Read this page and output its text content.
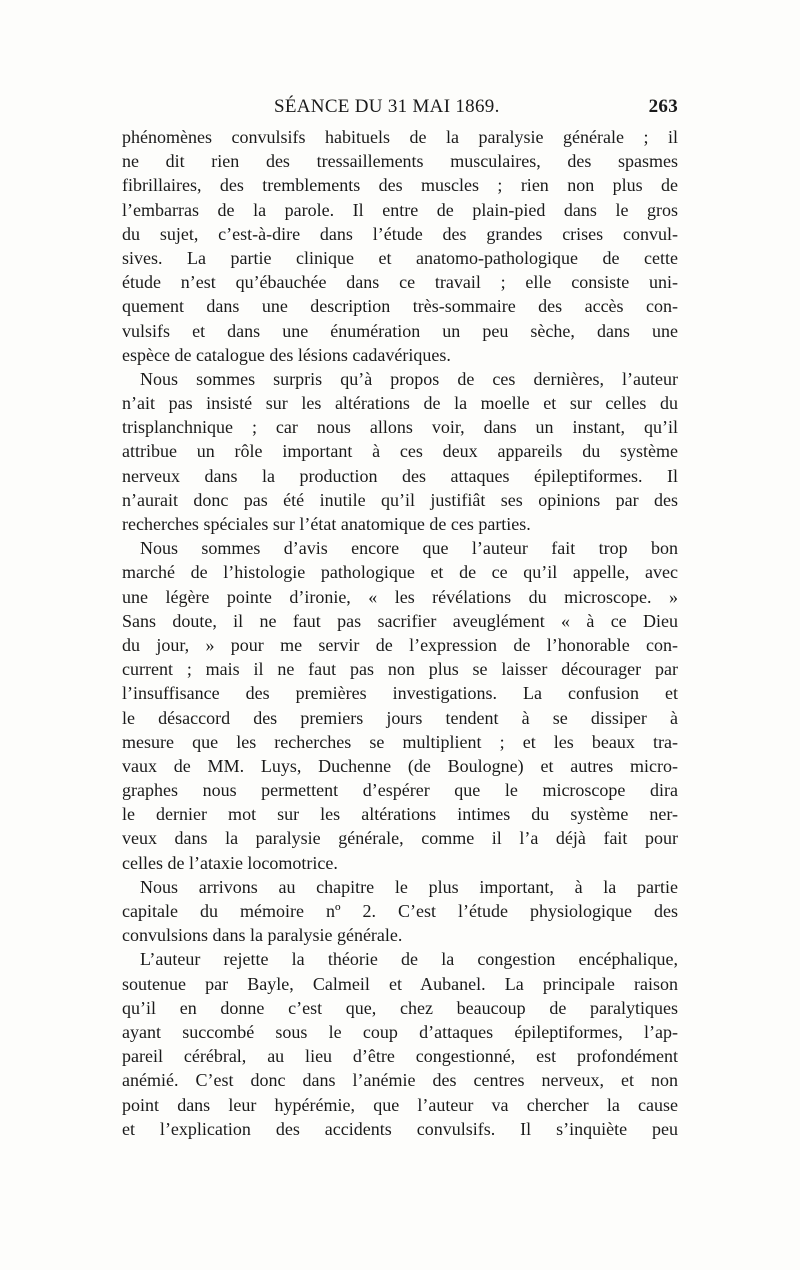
SÉANCE DU 31 MAI 1869.	263

phénomènes convulsifs habituels de la paralysie générale ; il
ne dit rien des tressaillements musculaires, des spasmes
fibrillaires, des tremblements des muscles ; rien non plus de
l’embarras de la parole. Il entre de plain-pied dans le gros
du sujet, c’est-à-dire dans l’étude des grandes crises convul-
sives. La partie clinique et anatomo-pathologique de cette
étude n’est qu’ébauchée dans ce travail ; elle consiste uni-
quement dans une description très-sommaire des accès con-
vulsifs et dans une énumération un peu sèche, dans une
espèce de catalogue des lésions cadavériques.

Nous sommes surpris qu’à propos de ces dernières, l’auteur
n’ait pas insisté sur les altérations de la moelle et sur celles du
trisplanchnique ; car nous allons voir, dans un instant, qu’il
attribue un rôle important à ces deux appareils du système
nerveux dans la production des attaques épileptiformes. Il
n’aurait donc pas été inutile qu’il justifiât ses opinions par des
recherches spéciales sur l’état anatomique de ces parties.

Nous sommes d’avis encore que l’auteur fait trop bon
marché de l’histologie pathologique et de ce qu’il appelle, avec
une légère pointe d’ironie, « les révélations du microscope. »
Sans doute, il ne faut pas sacrifier aveuglément « à ce Dieu
du jour, » pour me servir de l’expression de l’honorable con-
current ; mais il ne faut pas non plus se laisser décourager par
l’insuffisance des premières investigations. La confusion et
le désaccord des premiers jours tendent à se dissiper à
mesure que les recherches se multiplient ; et les beaux tra-
vaux de MM. Luys, Duchenne (de Boulogne) et autres micro-
graphes nous permettent d’espérer que le microscope dira
le dernier mot sur les altérations intimes du système ner-
veux dans la paralysie générale, comme il l’a déjà fait pour
celles de l’ataxie locomotrice.

Nous arrivons au chapitre le plus important, à la partie
capitale du mémoire nº 2. C’est l’étude physiologique des
convulsions dans la paralysie générale.

L’auteur rejette la théorie de la congestion encéphalique,
soutenue par Bayle, Calmeil et Aubanel. La principale raison
qu’il en donne c’est que, chez beaucoup de paralytiques
ayant succombé sous le coup d’attaques épileptiformes, l’ap-
pareil cérébral, au lieu d’être congestionné, est profondément
anémié. C’est donc dans l’anémie des centres nerveux, et non
point dans leur hypérémie, que l’auteur va chercher la cause
et l’explication des accidents convulsifs. Il s’inquiète peu
